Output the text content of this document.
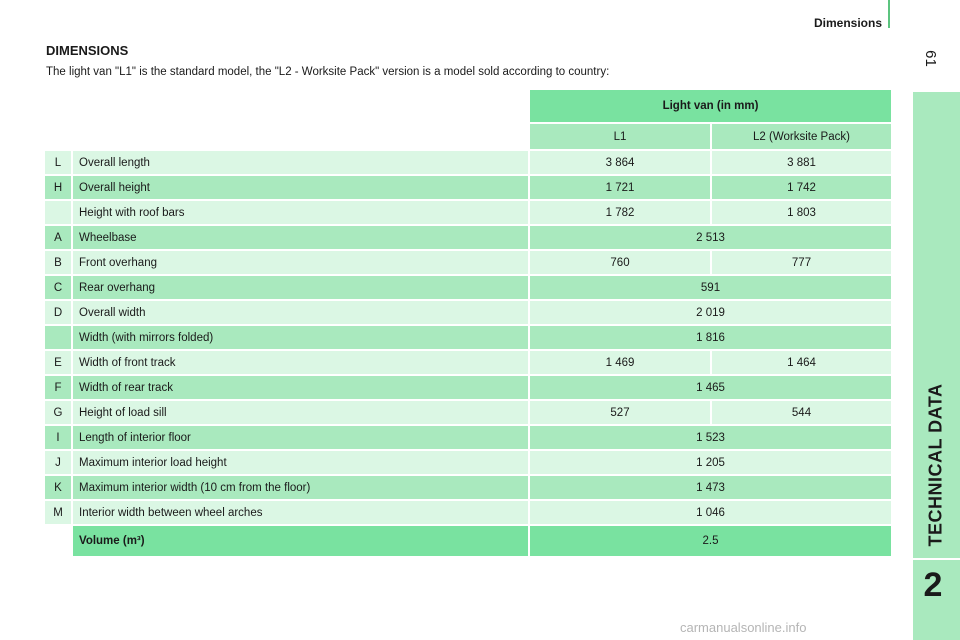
Dimensions
61
TECHNICAL DATA
2
DIMENSIONS
The light van "L1" is the standard model, the "L2 - Worksite Pack" version is a model sold according to country:
Light van (in mm)
L1	L2 (Worksite Pack)
L	Overall length	3 864	3 881
H	Overall height	1 721	1 742
Height with roof bars	1 782	1 803
A	Wheelbase	2 513
B	Front overhang	760	777
C	Rear overhang	591
D	Overall width	2 019
Width (with mirrors folded)	1 816
E	Width of front track	1 469	1 464
F	Width of rear track	1 465
G	Height of load sill	527	544
I	Length of interior floor	1 523
J	Maximum interior load height	1 205
K	Maximum interior width (10 cm from the floor)	1 473
M	Interior width between wheel arches	1 046
Volume (m³)	2.5
carmanualsonline.info
